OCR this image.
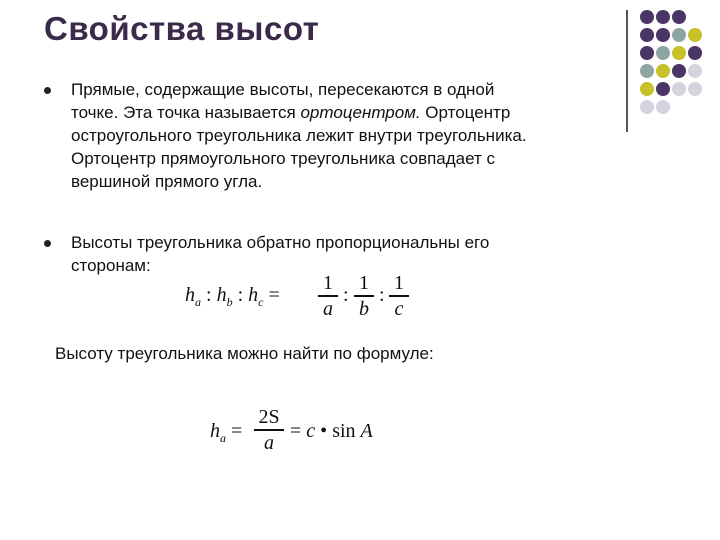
Свойства высот
Прямые, содержащие высоты, пересекаются в одной
точке. Эта точка называется ортоцентром. Ортоцентр
остроугольного треугольника лежит внутри треугольника.
Ортоцентр прямоугольного треугольника совпадает с
вершиной прямого угла.
Высоты треугольника обратно пропорциональны его
сторонам:
$h_a$ : $h_b$ : $h_c$ =
1
a
:
1
b
:
1
c
Высоту треугольника можно найти по формуле:
$h_a$ =
2S
a
= c • sin A
